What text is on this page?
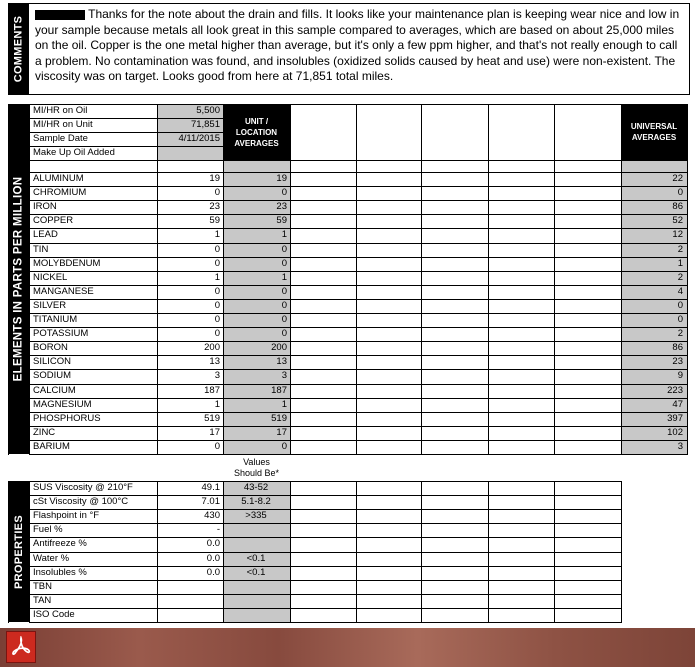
COMMENTS
Thanks for the note about the drain and fills. It looks like your maintenance plan is keeping wear nice and low in your sample because metals all look great in this sample compared to averages, which are based on about 25,000 miles on the oil. Copper is the one metal higher than average, but it's only a few ppm higher, and that's not really enough to call a problem. No contamination was found, and insolubles (oxidized solids caused by heat and use) were non-existent. The viscosity was on target. Looks good from here at 71,851 total miles.
UNIT / LOCATION AVERAGES
UNIVERSAL AVERAGES
MI/HR on Oil	5,500
MI/HR on Unit	71,851
Sample Date	4/11/2015
Make Up Oil Added
ELEMENTS IN PARTS PER MILLION ALUMINUM	19	19	22
CHROMIUM	0	0	0
IRON	23	23	86
COPPER	59	59	52
LEAD	1	1	12
TIN	0	0	2
MOLYBDENUM	0	0	1
NICKEL	1	1	2
MANGANESE	0	0	4
SILVER	0	0	0
TITANIUM	0	0	0
POTASSIUM	0	0	2
BORON	200	200	86
SILICON	13	13	23
SODIUM	3	3	9
CALCIUM	187	187	223
MAGNESIUM	1	1	47
PHOSPHORUS	519	519	397
ZINC	17	17	102
BARIUM	0	0	3
Values Should Be*
PROPERTIES
SUS Viscosity @ 210°F	49.1	43-52
cSt Viscosity @ 100°C	7.01	5.1-8.2
Flashpoint in °F	430	>335
Fuel %	-
Antifreeze %	0.0
Water %	0.0	<0.1
Insolubles %	0.0	<0.1
TBN
TAN
ISO Code
